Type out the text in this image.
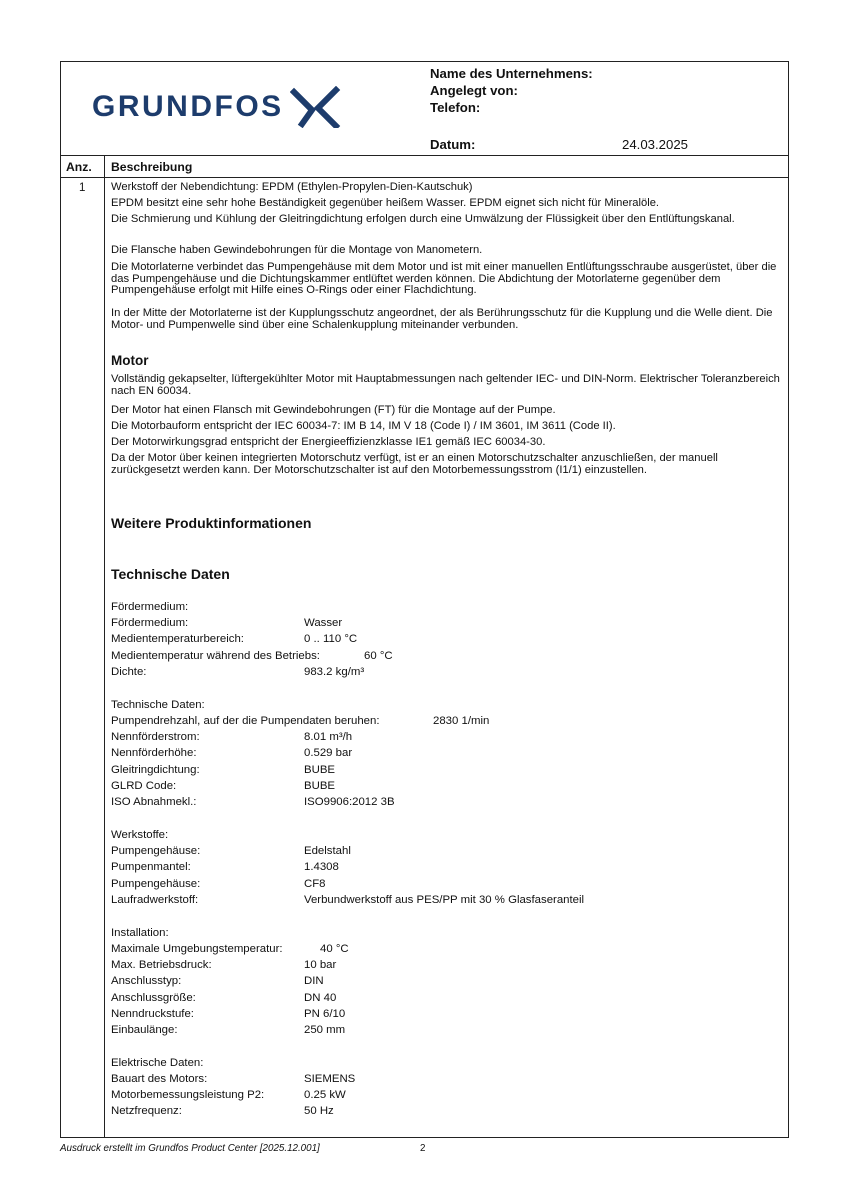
GRUNDFOS
Name des Unternehmens:
Angelegt von:
Telefon:
Datum:	24.03.2025
Anz. Beschreibung
1 Werkstoff der Nebendichtung: EPDM (Ethylen-Propylen-Dien-Kautschuk)
EPDM besitzt eine sehr hohe Beständigkeit gegenüber heißem Wasser. EPDM eignet sich nicht für Mineralöle.
Die Schmierung und Kühlung der Gleitringdichtung erfolgen durch eine Umwälzung der Flüssigkeit über den Entlüftungskanal.
Die Flansche haben Gewindebohrungen für die Montage von Manometern.
Die Motorlaterne verbindet das Pumpengehäuse mit dem Motor und ist mit einer manuellen Entlüftungsschraube ausgerüstet, über die das Pumpengehäuse und die Dichtungskammer entlüftet werden können. Die Abdichtung der Motorlaterne gegenüber dem Pumpengehäuse erfolgt mit Hilfe eines O-Rings oder einer Flachdichtung.
In der Mitte der Motorlaterne ist der Kupplungsschutz angeordnet, der als Berührungsschutz für die Kupplung und die Welle dient. Die Motor- und Pumpenwelle sind über eine Schalenkupplung miteinander verbunden.
Motor
Vollständig gekapselter, lüftergekühlter Motor mit Hauptabmessungen nach geltender IEC- und DIN-Norm. Elektrischer Toleranzbereich nach EN 60034.
Der Motor hat einen Flansch mit Gewindebohrungen (FT) für die Montage auf der Pumpe.
Die Motorbauform entspricht der IEC 60034-7: IM B 14, IM V 18 (Code I) / IM 3601, IM 3611 (Code II).
Der Motorwirkungsgrad entspricht der Energieeffizienzklasse IE1 gemäß IEC 60034-30.
Da der Motor über keinen integrierten Motorschutz verfügt, ist er an einen Motorschutzschalter anzuschließen, der manuell zurückgesetzt werden kann. Der Motorschutzschalter ist auf den Motorbemessungsstrom (I1/1) einzustellen.
Weitere Produktinformationen
Technische Daten
Fördermedium:
Fördermedium:	Wasser
Medientemperaturbereich:	0 .. 110 °C
Medientemperatur während des Betriebs:	60 °C
Dichte:	983.2 kg/m³
Technische Daten:
Pumpendrehzahl, auf der die Pumpendaten beruhen:	2830 1/min
Nennförderstrom:	8.01 m³/h
Nennförderhöhe:	0.529 bar
Gleitringdichtung:	BUBE
GLRD Code:	BUBE
ISO Abnahmekl.:	ISO9906:2012 3B
Werkstoffe:
Pumpengehäuse:	Edelstahl
Pumpenmantel:	1.4308
Pumpengehäuse:	CF8
Laufradwerkstoff:	Verbundwerkstoff aus PES/PP mit 30 % Glasfaseranteil
Installation:
Maximale Umgebungstemperatur:	40 °C
Max. Betriebsdruck:	10 bar
Anschlusstyp:	DIN
Anschlussgröße:	DN 40
Nenndruckstufe:	PN 6/10
Einbaulänge:	250 mm
Elektrische Daten:
Bauart des Motors:	SIEMENS
Motorbemessungsleistung P2:	0.25 kW
Netzfrequenz:	50 Hz
Ausdruck erstellt im Grundfos Product Center [2025.12.001]	2
